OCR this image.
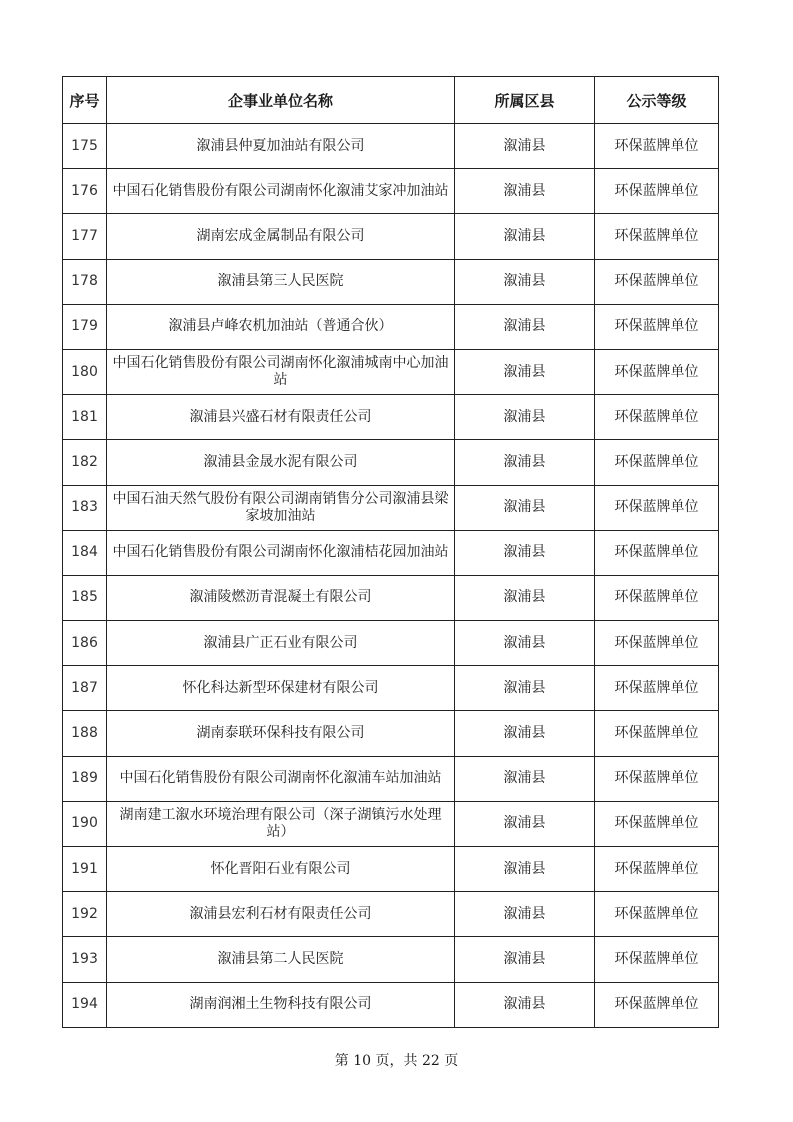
序号	企事业单位名称	所属区县	公示等级
175	溆浦县仲夏加油站有限公司	溆浦县	环保蓝牌单位
176	中国石化销售股份有限公司湖南怀化溆浦艾家冲加油站	溆浦县	环保蓝牌单位
177	湖南宏成金属制品有限公司	溆浦县	环保蓝牌单位
178	溆浦县第三人民医院	溆浦县	环保蓝牌单位
179	溆浦县卢峰农机加油站（普通合伙）	溆浦县	环保蓝牌单位
180	中国石化销售股份有限公司湖南怀化溆浦城南中心加油站	溆浦县	环保蓝牌单位
181	溆浦县兴盛石材有限责任公司	溆浦县	环保蓝牌单位
182	溆浦县金晟水泥有限公司	溆浦县	环保蓝牌单位
183	中国石油天然气股份有限公司湖南销售分公司溆浦县梁家坡加油站	溆浦县	环保蓝牌单位
184	中国石化销售股份有限公司湖南怀化溆浦桔花园加油站	溆浦县	环保蓝牌单位
185	溆浦陵燃沥青混凝土有限公司	溆浦县	环保蓝牌单位
186	溆浦县广正石业有限公司	溆浦县	环保蓝牌单位
187	怀化科达新型环保建材有限公司	溆浦县	环保蓝牌单位
188	湖南泰联环保科技有限公司	溆浦县	环保蓝牌单位
189	中国石化销售股份有限公司湖南怀化溆浦车站加油站	溆浦县	环保蓝牌单位
190	湖南建工溆水环境治理有限公司（深子湖镇污水处理站）	溆浦县	环保蓝牌单位
191	怀化晋阳石业有限公司	溆浦县	环保蓝牌单位
192	溆浦县宏利石材有限责任公司	溆浦县	环保蓝牌单位
193	溆浦县第二人民医院	溆浦县	环保蓝牌单位
194	湖南润湘土生物科技有限公司	溆浦县	环保蓝牌单位
第 10 页，共 22 页
